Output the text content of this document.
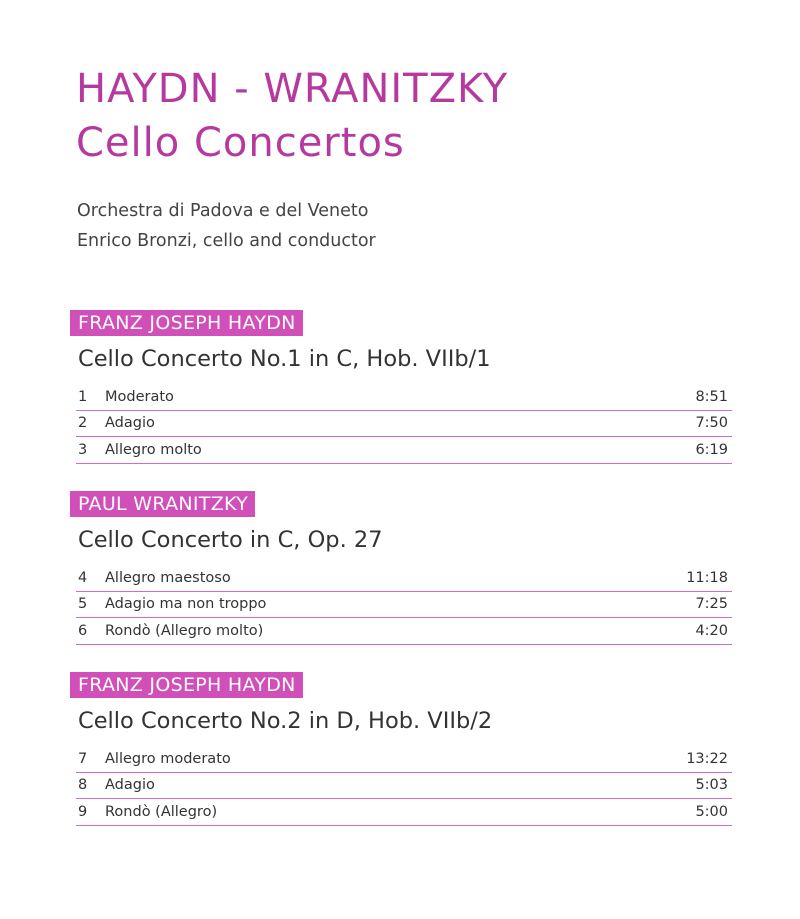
HAYDN - WRANITZKY
Cello Concertos
Orchestra di Padova e del Veneto
Enrico Bronzi, cello and conductor
FRANZ JOSEPH HAYDN
Cello Concerto No.1 in C, Hob. VIIb/1
1	Moderato	8:51
2	Adagio	7:50
3	Allegro molto	6:19
PAUL WRANITZKY
Cello Concerto in C, Op. 27
4	Allegro maestoso	11:18
5	Adagio ma non troppo	7:25
6	Rondò (Allegro molto)	4:20
FRANZ JOSEPH HAYDN
Cello Concerto No.2 in D, Hob. VIIb/2
7	Allegro moderato	13:22
8	Adagio	5:03
9	Rondò (Allegro)	5:00
